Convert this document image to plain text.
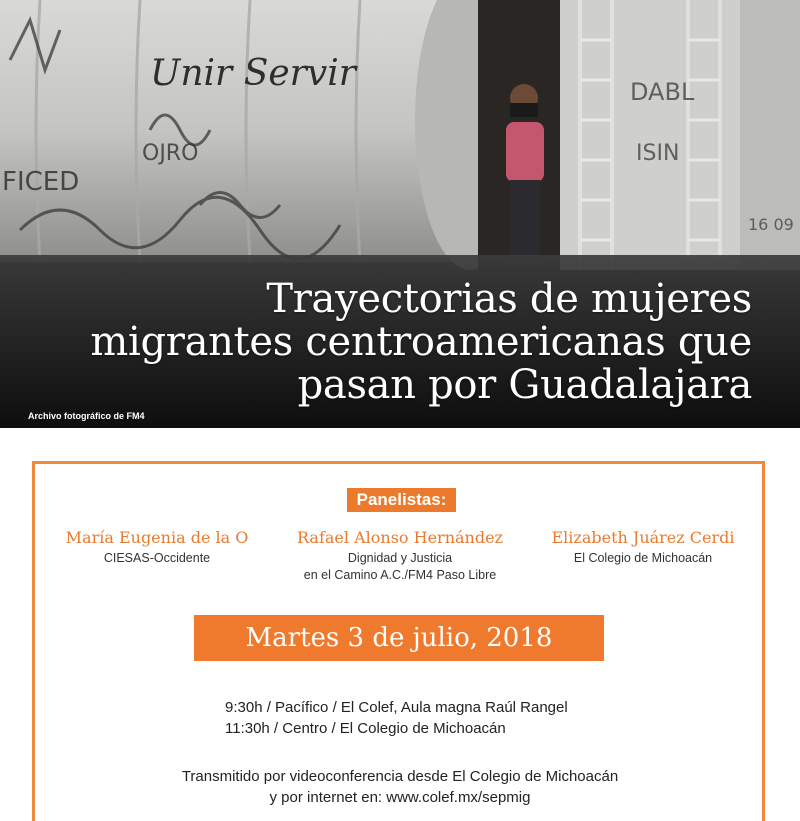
Unir Servir
FICED
OJRO
DABL
ISIN
16 09
Trayectorias de mujeres
migrantes centroamericanas que
pasan por Guadalajara
Archivo fotográfico de FM4
Panelistas:
María Eugenia de la O
CIESAS-Occidente
Rafael Alonso Hernández
Dignidad y Justicia
en el Camino A.C./FM4 Paso Libre
Elizabeth Juárez Cerdi
El Colegio de Michoacán
Martes 3 de julio, 2018
9:30h / Pacífico / El Colef, Aula magna Raúl Rangel
11:30h / Centro / El Colegio de Michoacán
Transmitido por videoconferencia desde El Colegio de Michoacán
y por internet en: www.colef.mx/sepmig
